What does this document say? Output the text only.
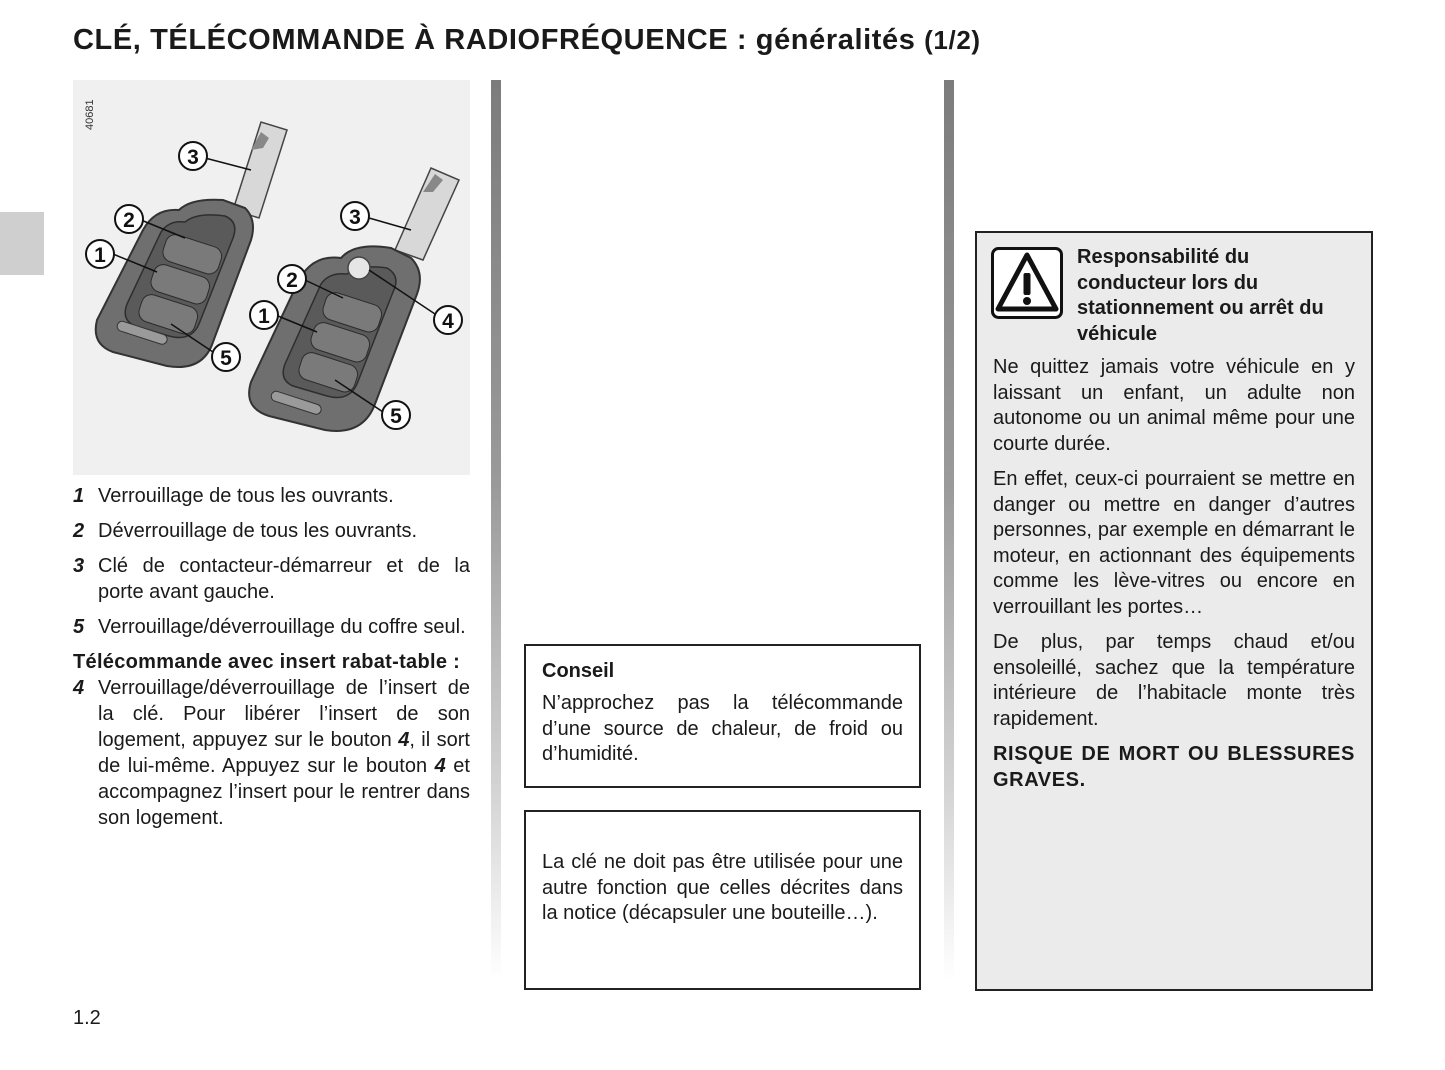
CLÉ, TÉLÉCOMMANDE À RADIOFRÉQUENCE : généralités (1/2)
40681
3
2
1
5
3
2
1	4
5
1 Verrouillage de tous les ouvrants.
2 Déverrouillage de tous les ouvrants.
3 Clé de contacteur-démarreur et de la porte avant gauche.
5 Verrouillage/déverrouillage du coffre seul.

Télécommande avec insert rabat-table :

4 Verrouillage/déverrouillage de l’insert de la clé. Pour libérer l’insert de son logement, appuyez sur le bouton 4, il sort de lui-même. Appuyez sur le bouton 4 et accompagnez l’insert pour le rentrer dans son logement.
Conseil

N’approchez pas la télécommande d’une source de chaleur, de froid ou d’humidité.

La clé ne doit pas être utilisée pour une autre fonction que celles décrites dans la notice (décapsuler une bouteille…).

Responsabilité du conducteur lors du stationnement ou arrêt du véhicule

Ne quittez jamais votre véhicule en y laissant un enfant, un adulte non autonome ou un animal même pour une courte durée.

En effet, ceux-ci pourraient se mettre en danger ou mettre en danger d’autres personnes, par exemple en démarrant le moteur, en actionnant des équipements comme les lève-vitres ou encore en verrouillant les portes…

De plus, par temps chaud et/ou ensoleillé, sachez que la température intérieure de l’habitacle monte très rapidement.

RISQUE DE MORT OU BLESSURES GRAVES.

1.2
